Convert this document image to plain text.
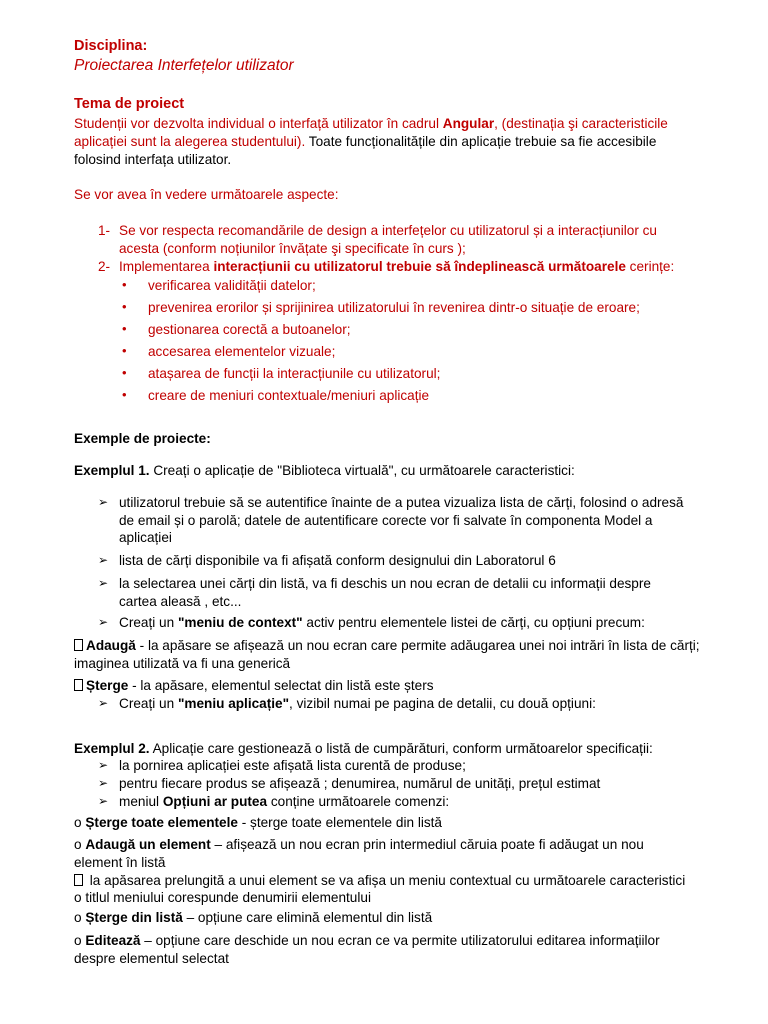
Disciplina:
Proiectarea Interfețelor utilizator
Tema de proiect
Studenții vor dezvolta individual o interfață utilizator în cadrul Angular, (destinația şi caracteristicile
aplicației sunt la alegerea studentului). Toate funcționalitățile din aplicație trebuie sa fie accesibile
folosind interfața utilizator.
Se vor avea în vedere următoarele aspecte:
1- Se vor respecta recomandările de design a interfețelor cu utilizatorul și a interacțiunilor cu
acesta (conform noțiunilor învățate şi specificate în curs );
2- Implementarea interacțiunii cu utilizatorul trebuie să îndeplinească următoarele cerințe:
• verificarea validității datelor;
• prevenirea erorilor și sprijinirea utilizatorului în revenirea dintr-o situație de eroare;
• gestionarea corectă a butoanelor;
• accesarea elementelor vizuale;
• atașarea de funcții la interacțiunile cu utilizatorul;
• creare de meniuri contextuale/meniuri aplicație
Exemple de proiecte:
Exemplul 1. Creați o aplicație de "Biblioteca virtuală", cu următoarele caracteristici:
➢ utilizatorul trebuie să se autentifice înainte de a putea vizualiza lista de cărți, folosind o adresă
de email și o parolă; datele de autentificare corecte vor fi salvate în componenta Model a
aplicației
➢ lista de cărți disponibile va fi afișată conform designului din Laboratorul 6
➢ la selectarea unei cărți din listă, va fi deschis un nou ecran de detalii cu informații despre
cartea aleasă , etc...
➢ Creați un "meniu de context" activ pentru elementele listei de cărți, cu opțiuni precum:
Adaugă - la apăsare se afișează un nou ecran care permite adăugarea unei noi intrări în lista de cărți;
imaginea utilizată va fi una generică
Șterge - la apăsare, elementul selectat din listă este șters
➢ Creați un "meniu aplicație", vizibil numai pe pagina de detalii, cu două opțiuni:
Exemplul 2. Aplicație care gestionează o listă de cumpărături, conform următoarelor specificații:
➢ la pornirea aplicației este afișată lista curentă de produse;
➢ pentru fiecare produs se afișează ; denumirea, numărul de unități, prețul estimat
➢ meniul Opțiuni ar putea conține următoarele comenzi:
o Șterge toate elementele - șterge toate elementele din listă
o Adaugă un element – afișează un nou ecran prin intermediul căruia poate fi adăugat un nou
element în listă
la apăsarea prelungită a unui element se va afișa un meniu contextual cu următoarele caracteristici
o titlul meniului corespunde denumirii elementului
o Șterge din listă – opțiune care elimină elementul din listă
o Editează – opțiune care deschide un nou ecran ce va permite utilizatorului editarea informațiilor
despre elementul selectat
